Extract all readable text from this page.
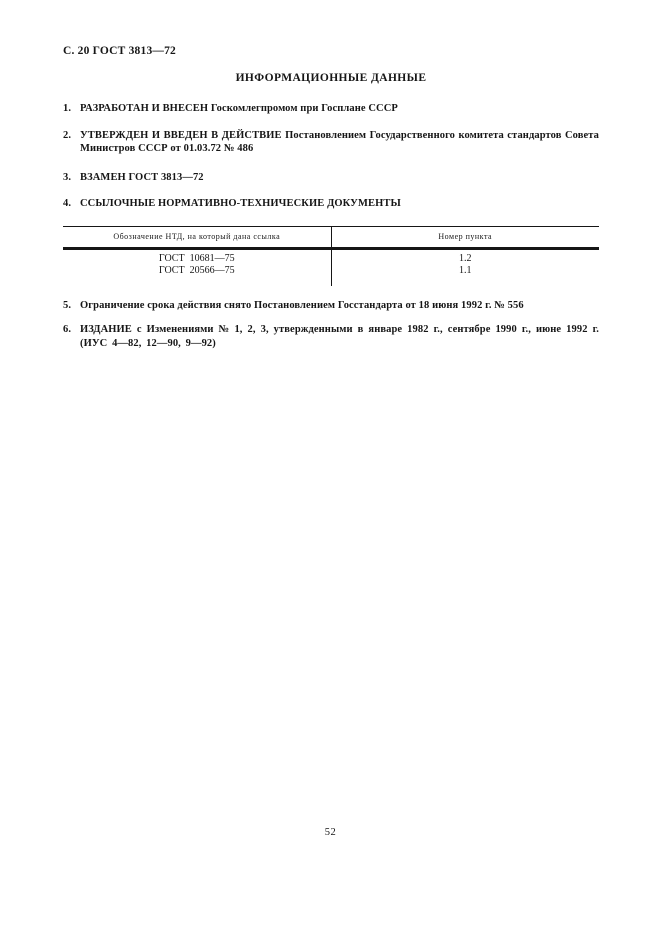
С. 20 ГОСТ 3813—72
ИНФОРМАЦИОННЫЕ ДАННЫЕ
1. РАЗРАБОТАН И ВНЕСЕН Госкомлегпромом при Госплане СССР
2. УТВЕРЖДЕН И ВВЕДЕН В ДЕЙСТВИЕ Постановлением Государственного комитета стандартов Совета Министров СССР от 01.03.72 № 486
3. ВЗАМЕН ГОСТ 3813—72
4. ССЫЛОЧНЫЕ НОРМАТИВНО-ТЕХНИЧЕСКИЕ ДОКУМЕНТЫ
Обозначение НТД, на который дана ссылка	Номер пункта
ГОСТ  10681—75	1.2
ГОСТ  20566—75	1.1
5. Ограничение срока действия снято Постановлением Госстандарта от 18 июня 1992 г. № 556
6. ИЗДАНИЕ с Изменениями № 1, 2, 3, утвержденными в январе 1982 г., сентябре 1990 г., июне 1992 г. (ИУС 4—82, 12—90, 9—92)
52
